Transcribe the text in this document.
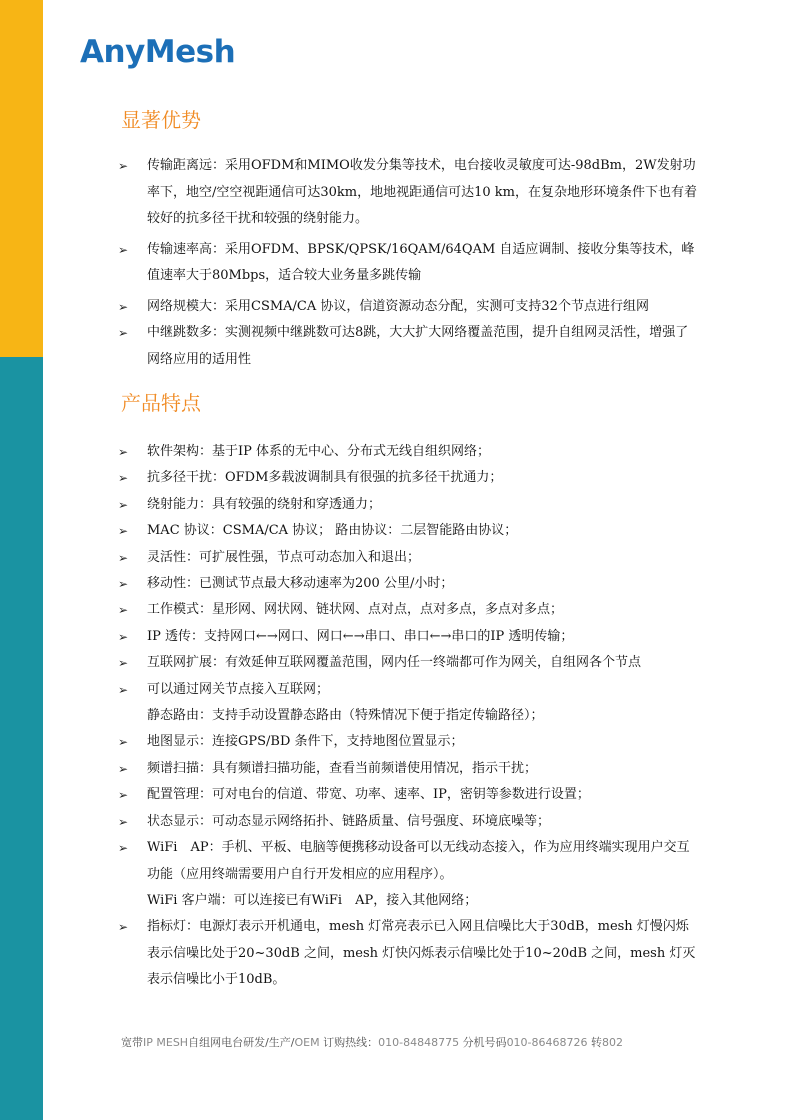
AnyMesh
显著优势
➢ 传输距离远：采用OFDM和MIMO收发分集等技术，电台接收灵敏度可达-98dBm，2W发射功率下，地空/空空视距通信可达30km，地地视距通信可达10 km，在复杂地形环境条件下也有着较好的抗多径干扰和较强的绕射能力。
➢ 传输速率高：采用OFDM、BPSK/QPSK/16QAM/64QAM 自适应调制、接收分集等技术，峰值速率大于80Mbps，适合较大业务量多跳传输
➢ 网络规模大：采用CSMA/CA 协议，信道资源动态分配，实测可支持32个节点进行组网
➢ 中继跳数多：实测视频中继跳数可达8跳，大大扩大网络覆盖范围，提升自组网灵活性，增强了网络应用的适用性
产品特点
➢ 软件架构：基于IP 体系的无中心、分布式无线自组织网络；
➢ 抗多径干扰：OFDM多载波调制具有很强的抗多径干扰通力；
➢ 绕射能力：具有较强的绕射和穿透通力；
➢ MAC 协议：CSMA/CA 协议； 路由协议：二层智能路由协议；
➢ 灵活性：可扩展性强，节点可动态加入和退出；
➢ 移动性：已测试节点最大移动速率为200 公里/小时；
➢ 工作模式：星形网、网状网、链状网、点对点，点对多点，多点对多点；
➢ IP 透传：支持网口←→网口、网口←→串口、串口←→串口的IP 透明传输；
➢ 互联网扩展：有效延伸互联网覆盖范围，网内任一终端都可作为网关，自组网各个节点
➢ 可以通过网关节点接入互联网；
静态路由：支持手动设置静态路由（特殊情况下便于指定传输路径）；
➢ 地图显示：连接GPS/BD 条件下，支持地图位置显示；
➢ 频谱扫描：具有频谱扫描功能，查看当前频谱使用情况，指示干扰；
➢ 配置管理：可对电台的信道、带宽、功率、速率、IP，密钥等参数进行设置；
➢ 状态显示：可动态显示网络拓扑、链路质量、信号强度、环境底噪等；
➢ WiFi　AP：手机、平板、电脑等便携移动设备可以无线动态接入，作为应用终端实现用户交互功能（应用终端需要用户自行开发相应的应用程序）。
WiFi 客户端：可以连接已有WiFi　AP，接入其他网络；
➢ 指标灯：电源灯表示开机通电，mesh 灯常亮表示已入网且信噪比大于30dB，mesh 灯慢闪烁表示信噪比处于20~30dB 之间，mesh 灯快闪烁表示信噪比处于10~20dB 之间，mesh 灯灭表示信噪比小于10dB。
宽带IP MESH自组网电台研发/生产/OEM 订购热线：010-84848775 分机号码010-86468726 转802
